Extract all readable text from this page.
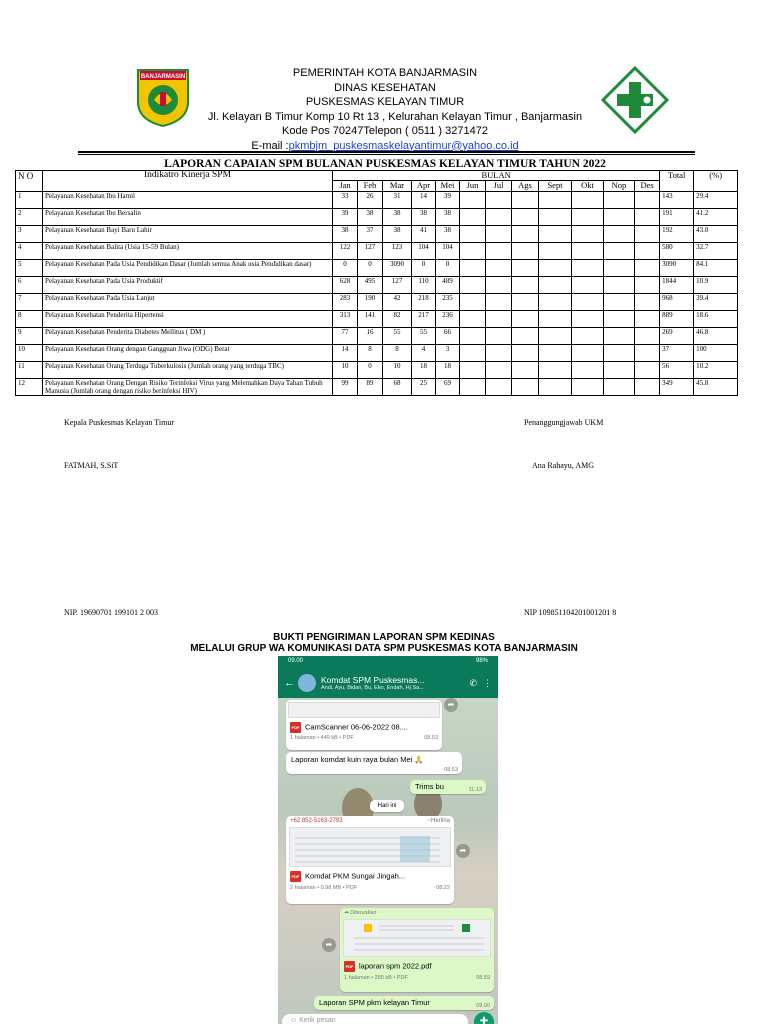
BANJARMASIN	PEMERINTAH KOTA BANJARMASIN
DINAS KESEHATAN
PUSKESMAS KELAYAN TIMUR
Jl. Kelayan B Timur Komp 10 Rt 13 , Kelurahan Kelayan Timur , Banjarmasin
Kode Pos 70247Telepon ( 0511 ) 3271472
E-mail :pkmbjm_puskesmaskelayantimur@yahoo.co.id
LAPORAN CAPAIAN SPM BULANAN PUSKESMAS KELAYAN TIMUR TAHUN 2022
N O	Indikatro Kinerja SPM	BULAN												Total	(%)
		Jan	Feb	Mar	Apr	Mei	Jun	Jul	Ags	Sept	Okt	Nop	Des		
1	Pelayanan Kesehatan Ibu Hamil	33	26	31	14	39								143	29.4
2	Pelayanan Kesehatan Ibu Bersalin	39	38	38	38	38								191	41.2
3	Pelayanan Kesehatan Bayi Baru Lahir	38	37	38	41	38								192	43.0
4	Pelayanan Kesehatan Balita (Usia 15-59 Bulan)	122	127	123	104	104								580	32.7
5	Pelayanan Kesehatan Pada Usia Pendidikan Dasar (Jumlah semua Anak usia Pendidikan dasar)	0	0	3090	0	0								3090	84.1
6	Pelayanan Kesehatan Pada Usia Produktif	628	495	127	110	489								1844	10.9
7	Pelayanan Kesehatan Pada Usia Lanjut	283	190	42	218	235								968	39.4
8	Pelayanan Kesehatan Penderita Hipertensi	313	141	82	217	236								889	18.6
9	Pelayanan Kesehatan Penderita Diabetes Mellitus ( DM )	77	16	55	55	66								269	46.8
10	Pelayanan Kesehatan Orang dengan Gangguan Jiwa (ODG) Berat	14	8	8	4	3								37	100
11	Pelayanan Kesehatan Orang Terduga Tuberkulosis (Jumlah orang yang terduga TBC)	10	0	10	18	18								56	10.2
12	Pelayanan Kesehatan Orang Dengan Risiko Terinfeksi Virus yang Melemahkan Daya Tahan Tubuh Manusia (Jumlah orang dengan risiko berinfeksi HIV)	99	89	68	25	69								349	45.8
Kepala Puskesmas Kelayan Timur	Penanggungjawab UKM
FATMAH, S.SiT	Ana Rahayu, AMG
NIP. 19690701 199101 2 003	NIP 109851104201001201 8
BUKTI PENGIRIMAN LAPORAN SPM KEDINAS
MELALUI GRUP WA KOMUNIKASI DATA SPM PUSKESMAS KOTA BANJARMASIN
09.00	98%
←	Komdat SPM Puskesmas...
Andi, Ayu, Bidan, Bu, Eko, Endah, Hj Sa...
✆ ⋮
PDF CamScanner 06-06-2022 08....
1 halaman • 449 kB • PDF	08.53
➦
Laporan komdat kuin raya bulan Mei 🙏
08.53
Trims bu	11.13
Hari ini
+62 852-5163-2793	~Herlina
PDF Komdat PKM Sungai Jingah...
2 halaman • 0.98 MB • PDF	08.22
➦
➦ Diteruskan
PDF laporan spm 2022.pdf
1 halaman • 280 kB • PDF	08.59
➦
Laporan SPM pkm kelayan Timur	09.00
☺ Ketik pesan	✚
